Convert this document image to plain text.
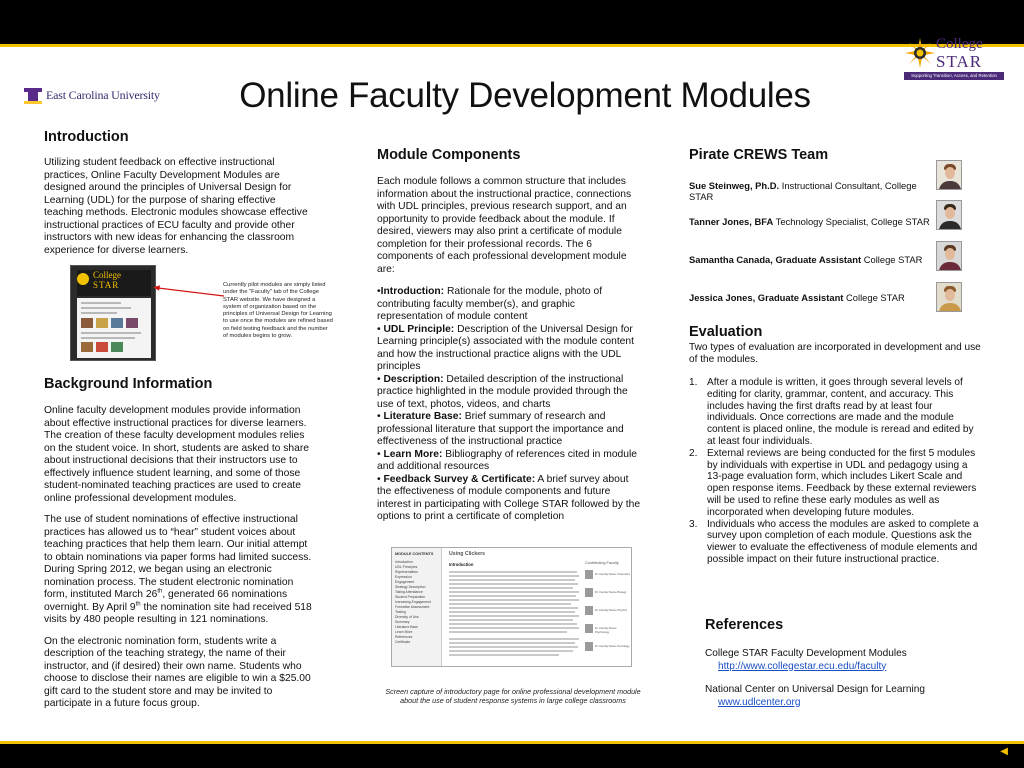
◀
East Carolina University
College
STAR
Supporting Transition, Access, and Retention
Online Faculty Development Modules
Introduction
Utilizing student feedback on effective instructional practices, Online Faculty Development Modules are designed around the principles of Universal Design for Learning (UDL) for the purpose of sharing effective teaching methods. Electronic modules showcase effective instructional practices of ECU faculty and provide other instructors with new ideas for enhancing the classroom experience for diverse learners.
College
STAR	Currently pilot modules are simply listed under the "Faculty" tab of the College STAR website. We have designed a system of organization based on the principles of Universal Design for Learning to use once the modules are refined based on field testing feedback and the number of modules begins to grow.
Background Information

Online faculty development modules provide information about effective instructional practices for diverse learners. The creation of these faculty development modules relies on the student voice. In short, students are asked to share about instructional decisions that their instructors use to effectively influence student learning, and some of those student-nominated teaching practices are used to create online professional development modules.

The use of student nominations of effective instructional practices has allowed us to “hear” student voices about teaching practices that help them learn. Our initial attempt to obtain nominations via paper forms had limited success. During Spring 2012, we began using an electronic nomination process. The student electronic nomination form, instituted March 26th, generated 66 nominations overnight. By April 9th the nomination site had received 518 visits by 480 people resulting in 121 nominations.

On the electronic nomination form, students write a description of the teaching strategy, the name of their instructor, and (if desired) their own name. Students who choose to disclose their names are eligible to win a $25.00 gift card to the student store and may be invited to participate in a future focus group.

Module Components

Each module follows a common structure that includes information about the instructional practice, connections with UDL principles, previous research support, and an opportunity to provide feedback about the module. If desired, viewers may also print a certificate of module completion for their professional records. The 6 components of each professional development module are:

•Introduction: Rationale for the module, photo of contributing faculty member(s), and graphic representation of module content
• UDL Principle: Description of the Universal Design for Learning principle(s) associated with the module content and how the instructional practice aligns with the UDL principles
• Description: Detailed description of the instructional practice highlighted in the module provided through the use of text, photos, videos, and charts
• Literature Base: Brief summary of research and professional literature that support the importance and effectiveness of the instructional practice
• Learn More: Bibliography of references cited in module and additional resources
• Feedback Survey & Certificate: A brief survey about the effectiveness of module components and future interest in participating with College STAR followed by the options to print a certificate of completion
MODULE CONTENTS
Introduction
UDL Principles
Representation
Expression
Engagement
Strategy Description
Taking Attendance
Student Preparation
Increasing Engagement
Formative Assessment
Testing
Diversity of Use
Summary
Literature Base
Learn More
References
Certificate
Using Clickers
Introduction	Contributing Faculty
Dr. Faculty Name Chemistry
Dr. Faculty Name Biology
Dr. Faculty Name Physics
Dr. Faculty Name Psychology
Dr. Faculty Name Sociology
Screen capture of introductory page for online professional development module about the use of student response systems in large college classrooms
Pirate CREWS Team
Sue Steinweg, Ph.D. Instructional Consultant, College STAR
Tanner Jones, BFA Technology Specialist, College STAR
Samantha Canada, Graduate Assistant College STAR
Jessica Jones, Graduate Assistant College STAR
Evaluation
Two types of evaluation are incorporated in development and use of the modules.
1. After a module is written, it goes through several levels of editing for clarity, grammar, content, and accuracy. This includes having the first drafts read by at least four individuals. Once corrections are made and the module content is placed online, the module is reread and edited by at least four individuals.
2. External reviews are being conducted for the first 5 modules by individuals with expertise in UDL and pedagogy using a 13-page evaluation form, which includes Likert Scale and open response items. Feedback by these external reviewers will be used to refine these early modules as well as incorporated when developing future modules.
3. Individuals who access the modules are asked to complete a survey upon completion of each module. Questions ask the viewer to evaluate the effectiveness of module elements and possible impact on their future instructional practice.
References
College STAR Faculty Development Modules
http://www.collegestar.ecu.edu/faculty
National Center on Universal Design for Learning
www.udlcenter.org
